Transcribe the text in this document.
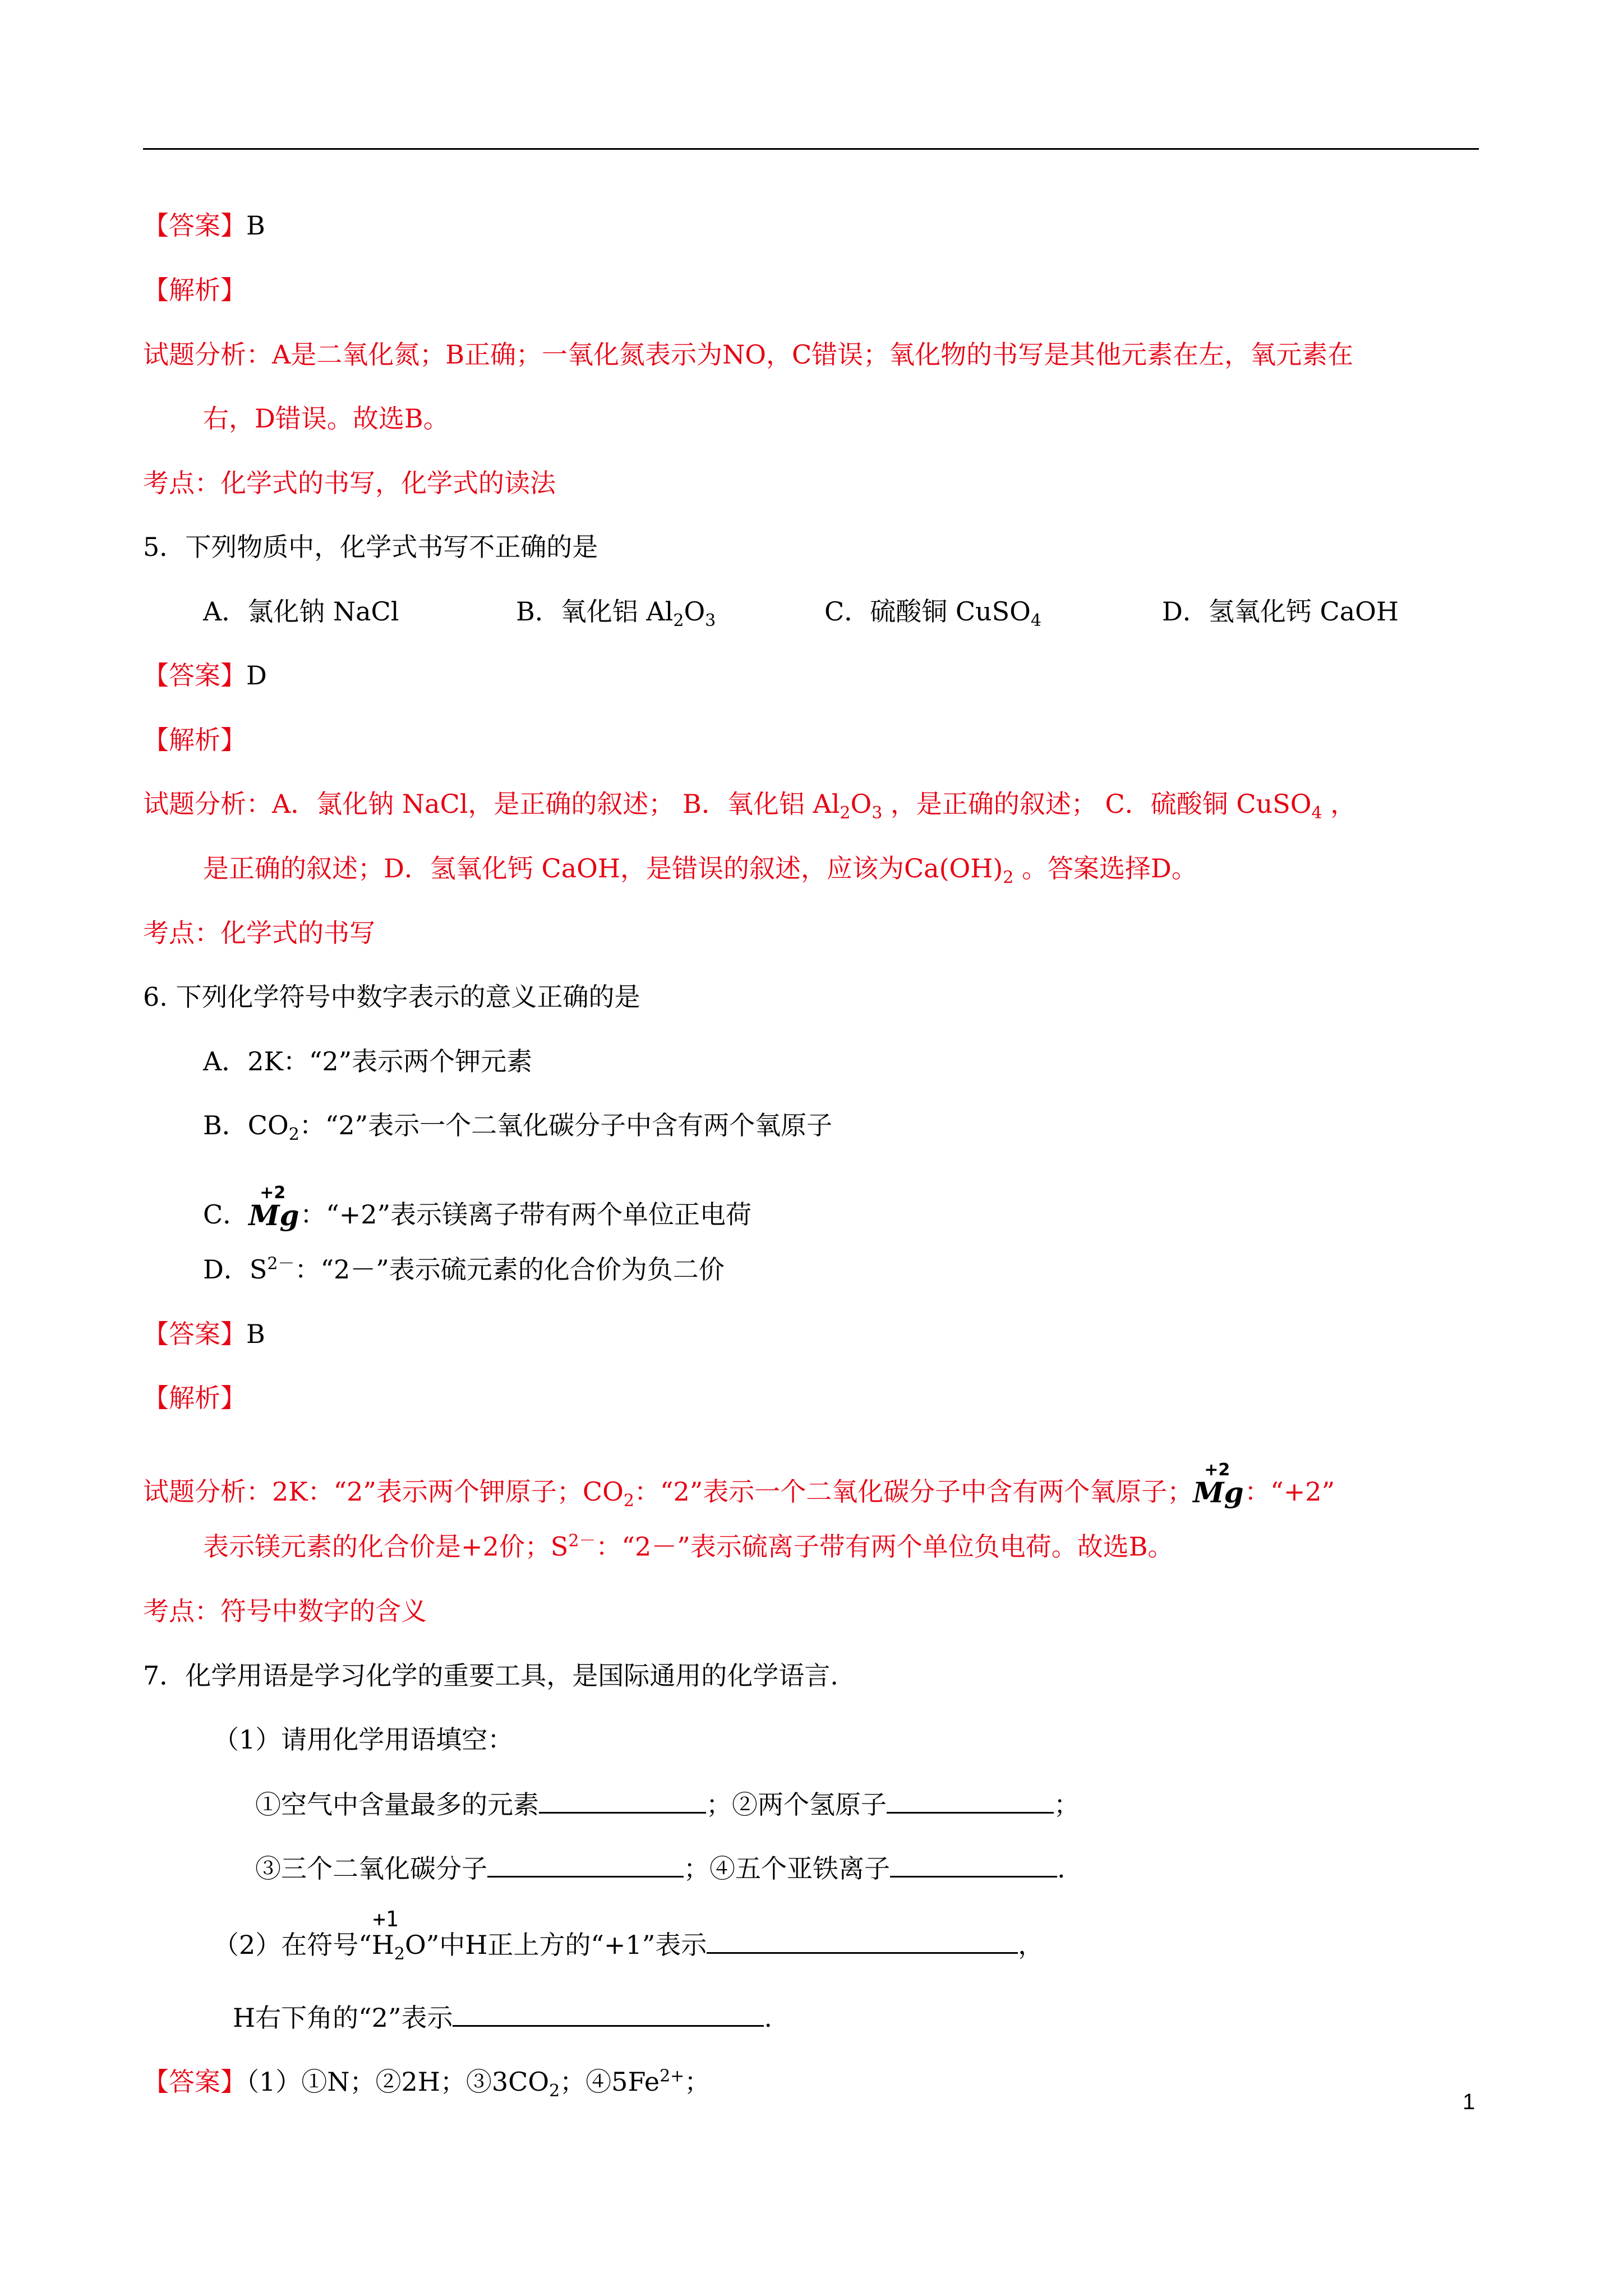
【答案】B
【解析】
试题分析：A是二氧化氮；B正确；一氧化氮表示为NO，C错误；氧化物的书写是其他元素在左，氧元素在
右，D错误。故选B。
考点：化学式的书写，化学式的读法
5．下列物质中，化学式书写不正确的是
A．氯化钠 NaCl	B．氧化铝 $Al_2O_3$	C．硫酸铜 CuSO$_4$	D．氢氧化钙 CaOH
【答案】D
【解析】
试题分析：A．氯化钠 NaCl，是正确的叙述； B．氧化铝 $Al_2O_3$ ，是正确的叙述； C．硫酸铜 CuSO$_4$ ，
是正确的叙述；D．氢氧化钙 CaOH，是错误的叙述，应该为$Ca(OH)_2$ 。答案选择D。
考点：化学式的书写
6. 下列化学符号中数字表示的意义正确的是
A．2K：“2”表示两个钾元素
B．$CO_2$：“2”表示一个二氧化碳分子中含有两个氧原子
C．
+2
Mg ：“+2”表示镁离子带有两个单位正电荷
D．$S^{2-}$：“2－”表示硫元素的化合价为负二价
【答案】B
【解析】
试题分析：2K：“2”表示两个钾原子；$CO_2$：“2”表示一个二氧化碳分子中含有两个氧原子；
+2
Mg ：“+2”
表示镁元素的化合价是+2价；$S^{2-}$：“2－”表示硫离子带有两个单位负电荷。故选B。
考点：符号中数字的含义
7．化学用语是学习化学的重要工具，是国际通用的化学语言.
（1）请用化学用语填空：
①空气中含量最多的元素	；②两个氢原子	；
③三个二氧化碳分子	；④五个亚铁离子	.
（2）在符号“
+1
$H_2O$”中H正上方的“+1”表示	，
H右下角的“2”表示	.
【答案】（1）①N；②2H；$③3CO_2$；$④5Fe^{2+}$；
1
